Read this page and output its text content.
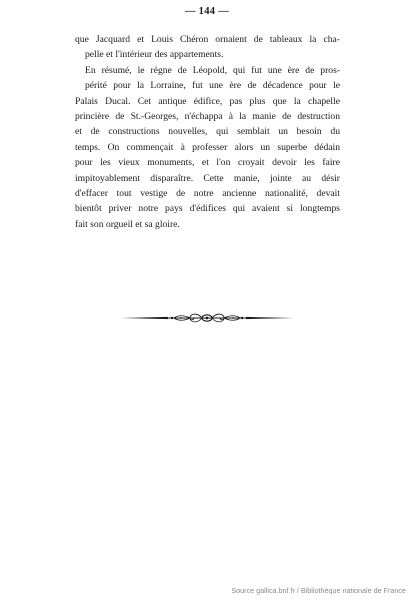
— 144 —
que Jacquard et Louis Chéron ornaient de tableaux la cha-
pelle et l'intérieur des appartements.
En résumé, le règne de Léopold, qui fut une ère de pros-
périté pour la Lorraine, fut une ère de décadence pour le
Palais Ducal. Cet antique édifice, pas plus que la chapelle
princière de St.-Georges, n'échappa à la manie de destruction
et de constructions nouvelles, qui semblait un besoin du
temps. On commençait à professer alors un superbe dédain
pour les vieux monuments, et l'on croyait devoir les faire
impitoyablement disparaître. Cette manie, jointe au désir
d'effacer tout vestige de notre ancienne nationalité, devait
bientôt priver notre pays d'édifices qui avaient si longtemps
fait son orgueil et sa gloire.
Source gallica.bnf.fr / Bibliothèque nationale de France
